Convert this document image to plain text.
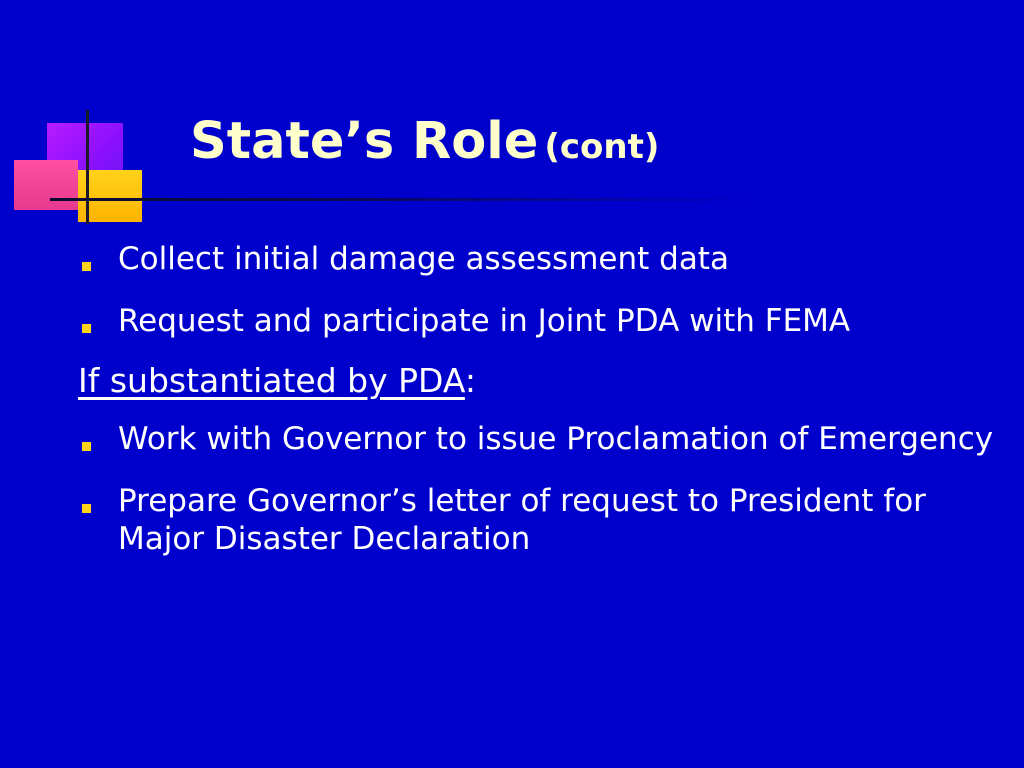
State’s Role (cont)
Collect initial damage assessment data
Request and participate in Joint PDA with FEMA
If substantiated by PDA:
Work with Governor to issue Proclamation of Emergency
Prepare Governor’s letter of request to President for Major Disaster Declaration
